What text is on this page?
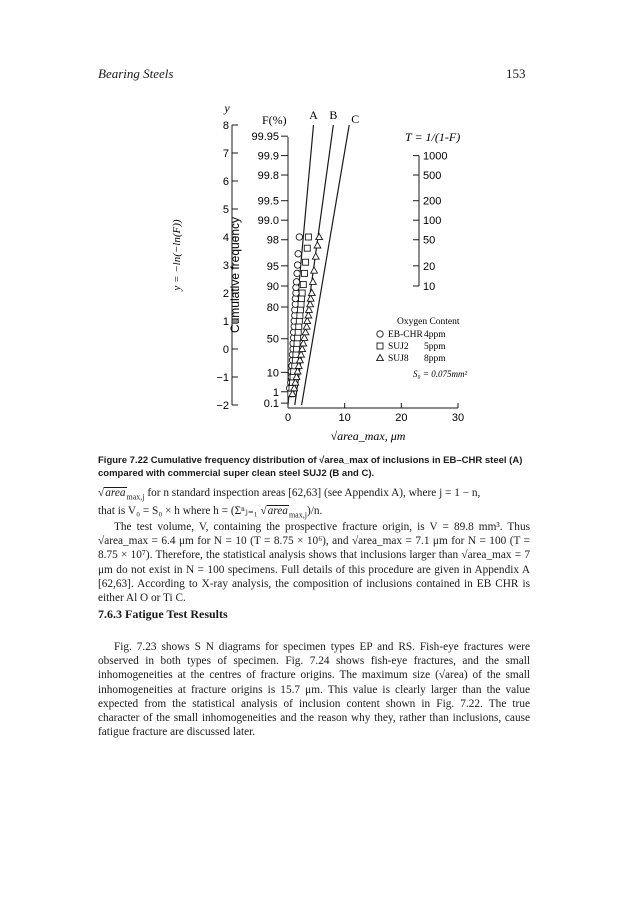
Bearing Steels	153
y
8
7
6
5
4
3
2
1
0
−1
−2
y = −ln(−ln(F))
F(%)
99.95
99.9
99.8
99.5
99.0
98
95
90
80
50
10
1
0.1
Cumulative frequency
0	10	20	30
√area_max, μm
T = 1/(1-F)
1000
500
200
100
50
20
10
A B C
Oxygen Content
EB-CHR 4ppm
SUJ2 5ppm
SUJ8 8ppm
S₀ = 0.075mm²
Figure 7.22 Cumulative frequency distribution of √area_max of inclusions in EB–CHR steel (A) compared with commercial super clean steel SUJ2 (B and C).

√area$_{max,j}$ for n standard inspection areas [62,63] (see Appendix A), where j = 1 − n,

that is V₀ = S₀ × h where h = (Σⁿⱼ₌₁ √area$_{max,j}$)/n.

The test volume, V, containing the prospective fracture origin, is V = 89.8 mm³. Thus √area_max = 6.4 μm for N = 10 (T = 8.75 × 10⁶), and √area_max = 7.1 μm for N = 100 (T = 8.75 × 10⁷). Therefore, the statistical analysis shows that inclusions larger than √area_max = 7 μm do not exist in N = 100 specimens. Full details of this procedure are given in Appendix A [62,63]. According to X-ray analysis, the composition of inclusions contained in EB CHR is either Al O or Ti C.

7.6.3 Fatigue Test Results

Fig. 7.23 shows S N diagrams for specimen types EP and RS. Fish-eye fractures were observed in both types of specimen. Fig. 7.24 shows fish-eye fractures, and the small inhomogeneities at the centres of fracture origins. The maximum size (√area) of the small inhomogeneities at fracture origins is 15.7 μm. This value is clearly larger than the value expected from the statistical analysis of inclusion content shown in Fig. 7.22. The true character of the small inhomogeneities and the reason why they, rather than inclusions, cause fatigue fracture are discussed later.
